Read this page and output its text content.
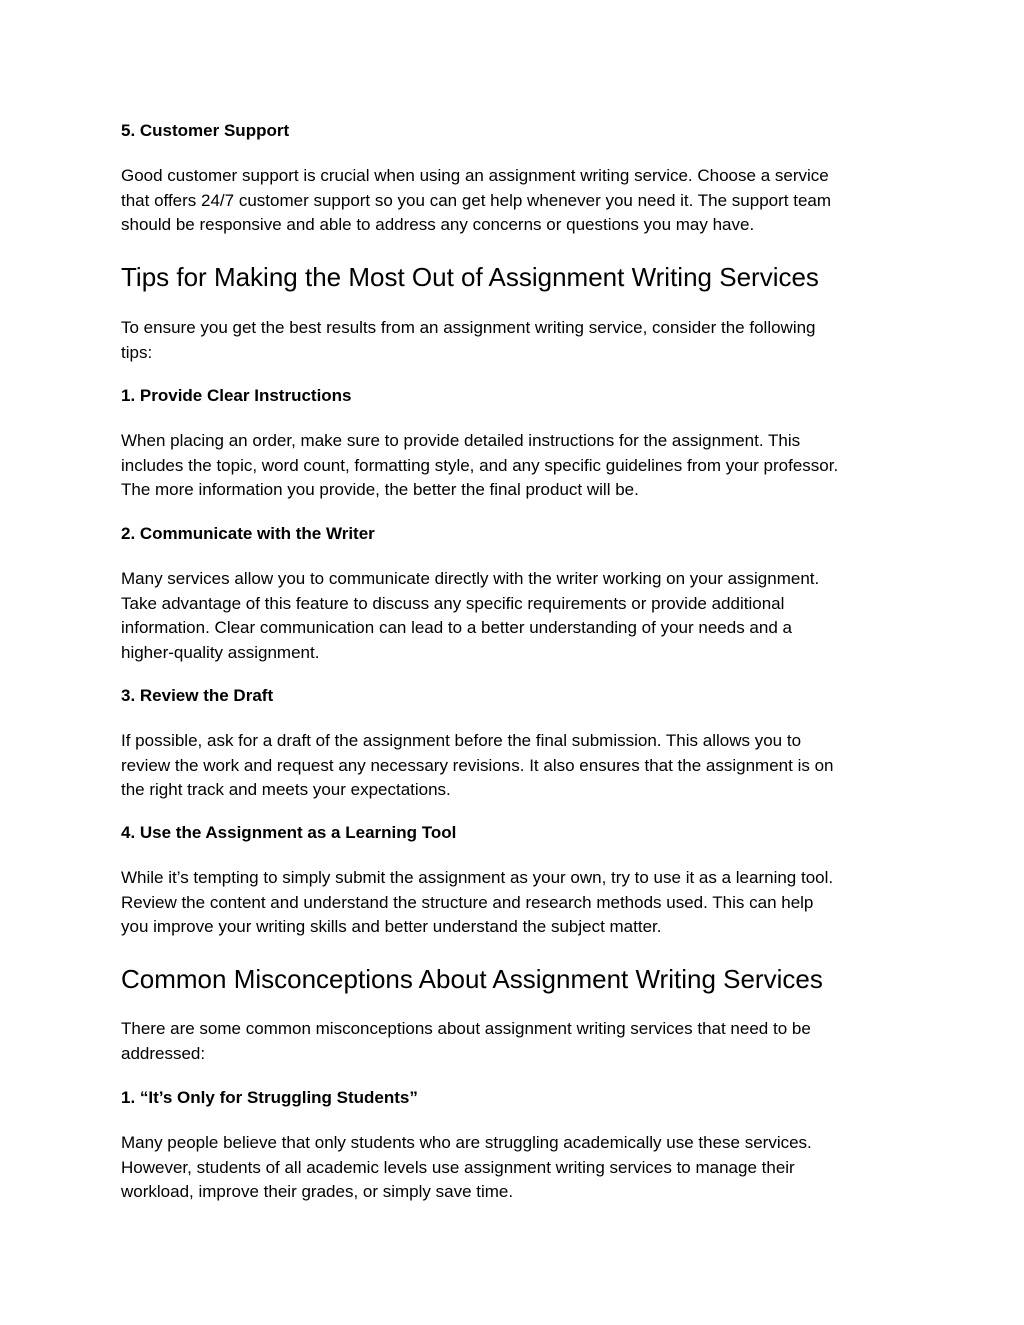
5. Customer Support

Good customer support is crucial when using an assignment writing service. Choose a service
that offers 24/7 customer support so you can get help whenever you need it. The support team
should be responsive and able to address any concerns or questions you may have.

Tips for Making the Most Out of Assignment Writing Services

To ensure you get the best results from an assignment writing service, consider the following
tips:

1. Provide Clear Instructions

When placing an order, make sure to provide detailed instructions for the assignment. This
includes the topic, word count, formatting style, and any specific guidelines from your professor.
The more information you provide, the better the final product will be.

2. Communicate with the Writer

Many services allow you to communicate directly with the writer working on your assignment.
Take advantage of this feature to discuss any specific requirements or provide additional
information. Clear communication can lead to a better understanding of your needs and a
higher-quality assignment.

3. Review the Draft

If possible, ask for a draft of the assignment before the final submission. This allows you to
review the work and request any necessary revisions. It also ensures that the assignment is on
the right track and meets your expectations.

4. Use the Assignment as a Learning Tool

While it’s tempting to simply submit the assignment as your own, try to use it as a learning tool.
Review the content and understand the structure and research methods used. This can help
you improve your writing skills and better understand the subject matter.

Common Misconceptions About Assignment Writing Services

There are some common misconceptions about assignment writing services that need to be
addressed:

1. “It’s Only for Struggling Students”

Many people believe that only students who are struggling academically use these services.
However, students of all academic levels use assignment writing services to manage their
workload, improve their grades, or simply save time.
